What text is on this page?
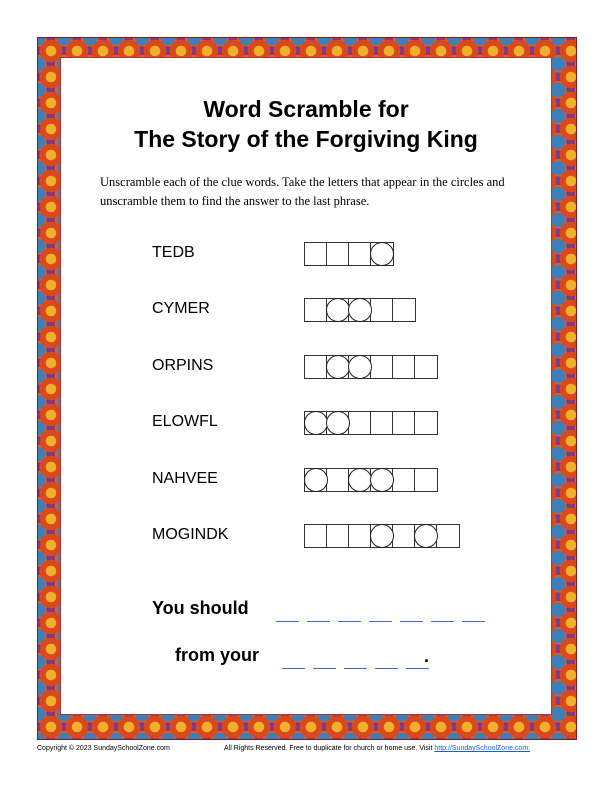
Word Scramble for
The Story of the Forgiving King
Unscramble each of the clue words. Take the letters that appear in the circles and unscramble them to find the answer to the last phrase.
TEDB
CYMER
ORPINS
ELOWFL
NAHVEE
MOGINDK
You should
from your	.
Copyright © 2023 SundaySchoolZone.com	All Rights Reserved. Free to duplicate for church or home use. Visit http://SundaySchoolZone.com.
